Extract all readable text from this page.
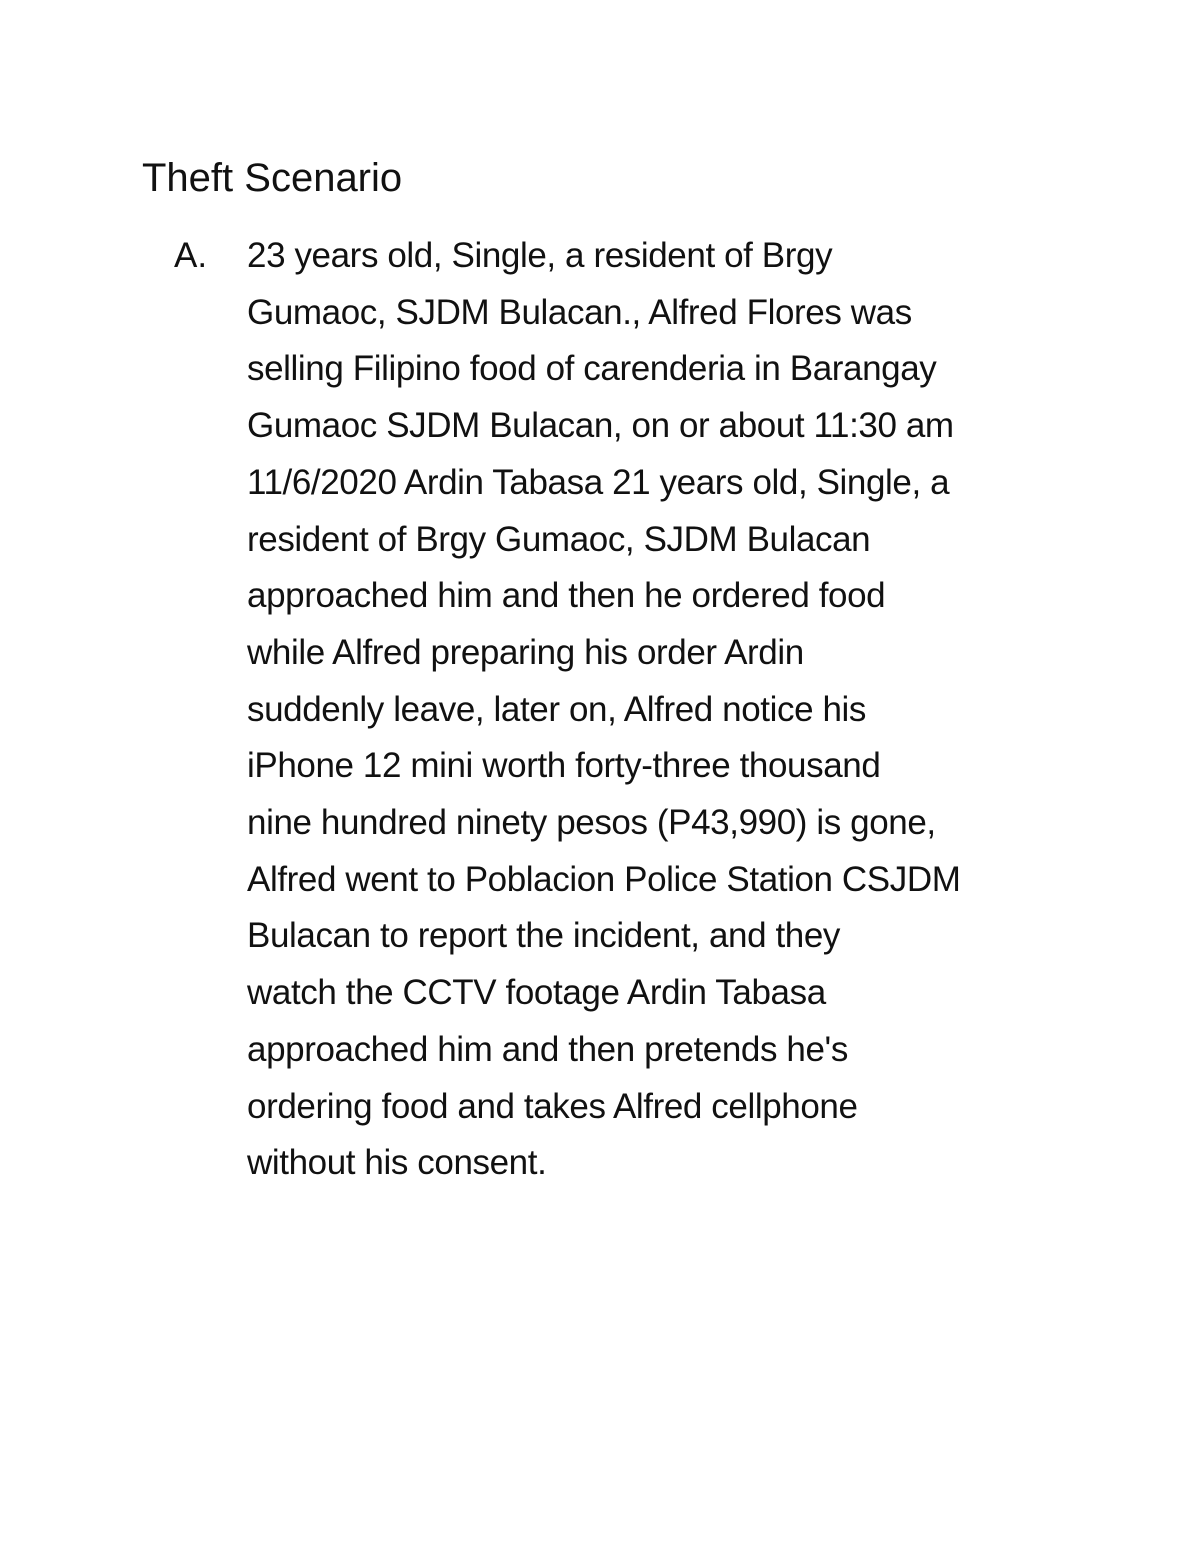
Theft Scenario
A. 23 years old, Single, a resident of Brgy
Gumaoc, SJDM Bulacan., Alfred Flores was
selling Filipino food of carenderia in Barangay
Gumaoc SJDM Bulacan, on or about 11:30 am
11/6/2020 Ardin Tabasa 21 years old, Single, a
resident of Brgy Gumaoc, SJDM Bulacan
approached him and then he ordered food
while Alfred preparing his order Ardin
suddenly leave, later on, Alfred notice his
iPhone 12 mini worth forty-three thousand
nine hundred ninety pesos (P43,990) is gone,
Alfred went to Poblacion Police Station CSJDM
Bulacan to report the incident, and they
watch the CCTV footage Ardin Tabasa
approached him and then pretends he's
ordering food and takes Alfred cellphone
without his consent.
